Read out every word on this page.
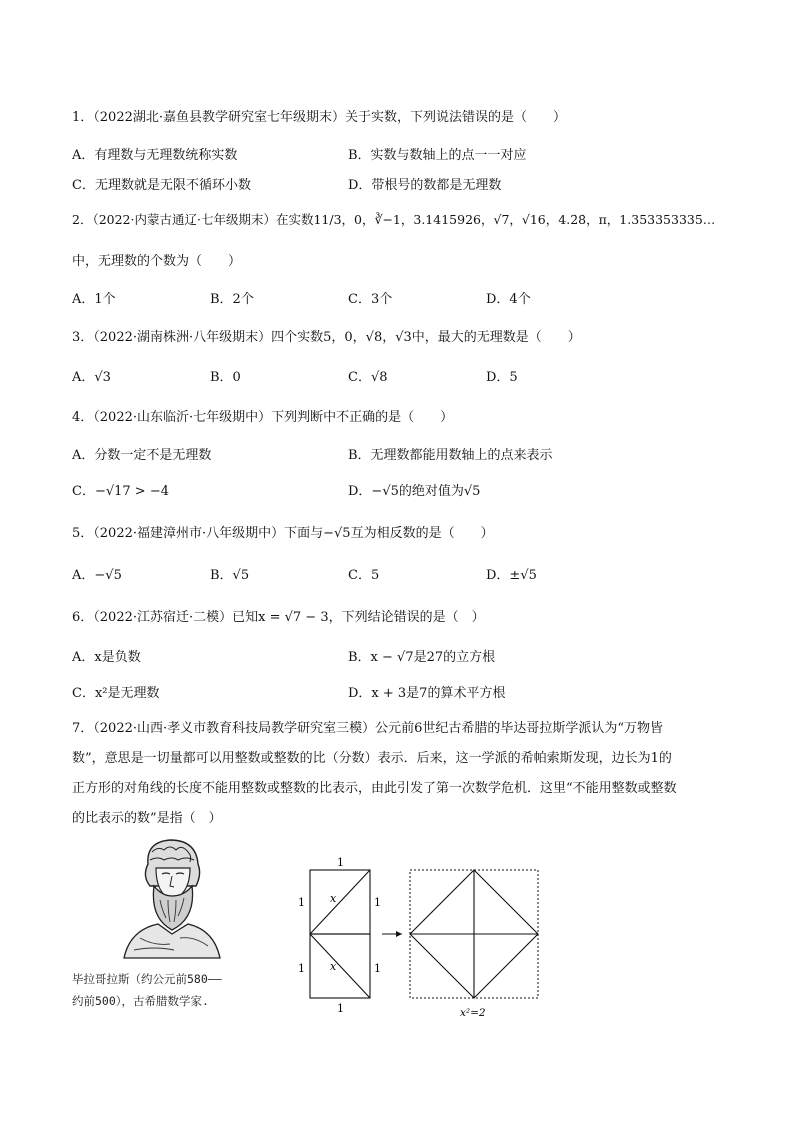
1．（2022湖北·嘉鱼县教学研究室七年级期末）关于实数，下列说法错误的是（　　）
A．有理数与无理数统称实数	B．实数与数轴上的点一一对应
C．无理数就是无限不循环小数	D．带根号的数都是无理数
2．（2022·内蒙古通辽·七年级期末）在实数11/3，0，∛−1，3.1415926，√7，√16，4.2̇8̇，π，1.353353335…
中，无理数的个数为（　　）
A．1个	B．2个	C．3个	D．4个
3．（2022·湖南株洲·八年级期末）四个实数5，0，√8，√3中，最大的无理数是（　　）
A．√3	B．0	C．√8	D．5
4．（2022·山东临沂·七年级期中）下列判断中不正确的是（　　）
A．分数一定不是无理数	B．无理数都能用数轴上的点来表示
C．−√17 > −4	D．−√5的绝对值为√5
5．（2022·福建漳州市·八年级期中）下面与−√5互为相反数的是（　　）
A．−√5	B．√5	C．5	D．±√5
6．（2022·江苏宿迁·二模）已知x = √7 − 3，下列结论错误的是（　）
A．x是负数	B．x − √7是27的立方根
C．x²是无理数	D．x + 3是7的算术平方根
7．（2022·山西·孝义市教育科技局教学研究室三模）公元前6世纪古希腊的毕达哥拉斯学派认为“万物皆
数”，意思是一切量都可以用整数或整数的比（分数）表示．后来，这一学派的希帕索斯发现，边长为1的
正方形的对角线的长度不能用整数或整数的比表示，由此引发了第一次数学危机．这里“不能用整数或整数
的比表示的数”是指（　）
毕拉哥拉斯（约公元前580——
约前500），古希腊数学家.
1
1	1
1	1
1
x
x
x²=2
